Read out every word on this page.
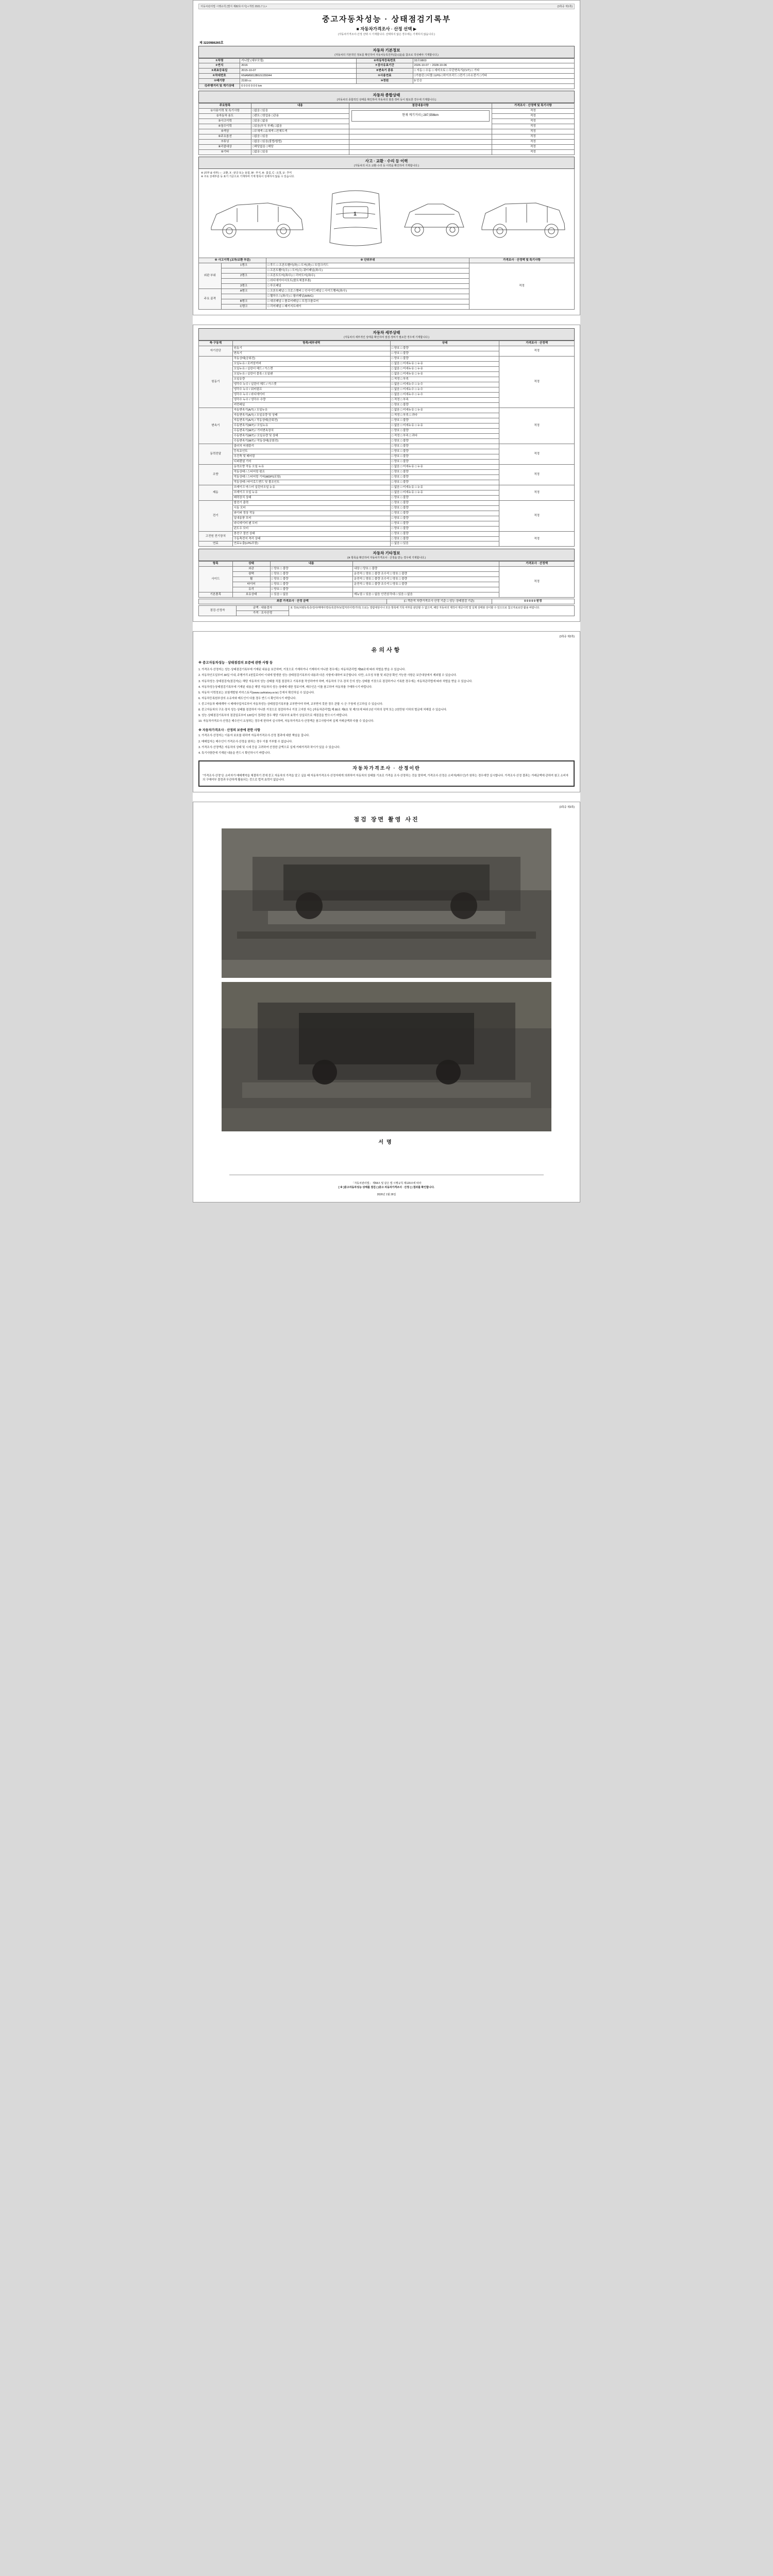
자동차관리법 시행규칙 [별지 제82호서식] <개정 2021.7.1.>	(3쪽중 제1쪽)
중고자동차성능 · 상태점검기록부
■ 자동차가격조사 · 산정 선택 ▶
(자동차가격조사·산정 선택 시 기재합니다. 선택하지 않은 경우에는 기재하지 않습니다.)
제 3220986265호
자동차 기본정보
(자동차의 기본적인 정보를 확인하여 자동차등록원부(갑)·(을)을 참조로 작성해야 기재합니다.)
①차명	카니발 (세부모델)	⑥자동차등록번호	33오0803
②연식	2016	⑦검사유효기간	2026-10-07 ~ 2028-10-06
③최초등록일	2015-10-07	⑧변속기 종류	□ 자동 □ 수동 □ 세미오토 □ 무단변속기(CVT) □ 기타
④차대번호	KNAM6813BGS155044	⑨사용연료	□가솔린 □디젤 □LPG □하이브리드 □전기 □수소전기 □기타
⑤배기량	2199 cc	⑩정원	9 인승
⑪주행거리 및 계기상태	0 0 0 0 0 0 0 km		
자동차 종합상태
(자동차의 종합적인 상태를 확인하여 자동차의 점검·정비 등이 필요한 경우에 기재합니다.)
주요항목	내용	점검내용사항	가격조사 · 산정액 및 특기사항
①사용이력 및 특기사항	□없음 □있음	현재 계기거리 | 287,556km	적정
②자동차 용도	□렌트 □영업용 □관용		적정
③사고이력	□있음 □없음		적정
④침수이력	□있음(부식·부패) □없음		적정
⑤색상	□무채색 □유채색 □전체도색		적정
⑥주요옵션	□없음 □있음		적정
⑦튜닝	□없음 □있음(불법/합법)		적정
⑧리콜대상	□해당없음 □해당		적정
⑨기타	□없음 □있음		적정
사고 · 교환 · 수리 등 이력
(자동차의 사고·교환·수리 등 이력을 확인하여 기재합니다.)
※ (외부 & 내부) ○ : 교환, X : 판금 또는 용접, W : 부식, A : 흠집, C : 요철, U : 후미
※ 주요 상세부분 등 표기 기준으로 기재하며 기재 항목이 상세하지 않을 수 있습니다.
1
※ 사고이력 (교차/교환 부분)		※ 단위부위	가격조사 · 산정액 및 특기사항
외판 부위	1랭크	□ 후드 □ 프론트휀더(좌) □ 도어(좌) □ 트렁크리드	적정
		□ 프론트휀더(우) □ 도어(우) 쿼터패널(좌/우)	
	2랭크	□ 프론트도어(좌/우) □ 리어도어(좌/우)	
		□ 라디에이터서포트(볼트체결부품)	
	3랭크	□ 루프패널	
주요 골격	A랭크	□ 프론트패널 □ 크로스멤버 □ 인사이드패널 □ 사이드멤버(좌/우)	
		□ 휠하우스(좌/우) □ 필러패널(A/B/C)	
	B랭크	□ 대쉬패널 □ 플로어패널 □ 트렁크플로어	
	C랭크	□ 리어패널 □ 패키지트레이	
자동차 세부상태
(자동차의 세부적인 상태를 확인하여 점검·정비가 필요한 경우에 기재합니다.)
축·구동계	항목/세부내역	상태	가격조사 · 산정액
자기진단	원동기	□ 양호 □ 불량	적정
	변속기	□ 양호 □ 불량	
원동기	작동상태(공회전)	□ 양호 □ 불량	적정
	오일누유 / 로커암커버	□ 없음 □ 미세누유 □ 누유	
	오일누유 / 실린더 헤드 / 가스켓	□ 없음 □ 미세누유 □ 누유	
	오일누유 / 실린더 블록 / 오일팬	□ 없음 □ 미세누유 □ 누유	
	오일유량	□ 적정 □ 부족	
	냉각수 누수 / 실린더 헤드 / 가스켓	□ 없음 □ 미세누수 □ 누수	
	냉각수 누수 / 워터펌프	□ 없음 □ 미세누수 □ 누수	
	냉각수 누수 / 라디에이터	□ 없음 □ 미세누수 □ 누수	
	냉각수 누수 / 냉각수 수량	□ 적정 □ 부족	
	커먼레일	□ 양호 □ 불량	
변속기	자동변속기(A/T) / 오일누유	□ 없음 □ 미세누유 □ 누유	적정
	자동변속기(A/T) / 오일유량 및 상태	□ 적정 □ 부족 □ 과다	
	자동변속기(A/T) / 작동상태(공회전)	□ 양호 □ 불량	
	수동변속기(M/T) / 오일누유	□ 없음 □ 미세누유 □ 누유	
	수동변속기(M/T) / 기어변속장치	□ 양호 □ 불량	
	수동변속기(M/T) / 오일유량 및 상태	□ 적정 □ 부족 □ 과다	
	수동변속기(M/T) / 작동상태(공회전)	□ 양호 □ 불량	
동력전달	클러치 어셈블리	□ 양호 □ 불량	적정
	등속죠인트	□ 양호 □ 불량	
	추진축 및 베어링	□ 양호 □ 불량	
	디퍼렌셜 기어	□ 양호 □ 불량	
조향	동력조향 작동 오일 누유	□ 없음 □ 미세누유 □ 누유	적정
	작동상태 / 스티어링 펌프	□ 양호 □ 불량	
	작동상태 / 스티어링 기어(MDPS포함)	□ 양호 □ 불량	
	작동상태 / 타이로드엔드 및 볼조인트	□ 양호 □ 불량	
제동	브레이크 마스터 실린더오일 누유	□ 없음 □ 미세누유 □ 누유	적정
	브레이크 오일 누유	□ 없음 □ 미세누유 □ 누유	
	배력장치 상태	□ 양호 □ 불량	
전기	발전기 출력	□ 양호 □ 불량	적정
	시동 모터	□ 양호 □ 불량	
	와이퍼 정상 작동	□ 양호 □ 불량	
	실내송풍 모터	□ 양호 □ 불량	
	라디에이터 팬 모터	□ 양호 □ 불량	
	윈도우 모터	□ 양호 □ 불량	
고전원 전기장치	충전구 절연 상태	□ 양호 □ 불량	적정
	구동축전지 격리 상태	□ 양호 □ 불량	
연료	연료누출(LPG포함)	□ 없음 □ 있음	
자동차 기타정보
(※ 항목을 확인하여 자동차가격조사 · 산정을 받는 경우에 기재합니다.)
항목	상태	내용		가격조사 · 산정액
사이드	외관	□ 양호 □ 불량	내장 □ 양호 □ 불량	적정
	광택	□ 양호 □ 불량	운전석 □ 양호 □ 불량 조수석 □ 양호 □ 불량	
	휠	□ 양호 □ 불량	운전석 □ 양호 □ 불량 조수석 □ 양호 □ 불량	
	타이어	□ 양호 □ 불량	운전석 □ 양호 □ 불량 조수석 □ 양호 □ 불량	
	유리	□ 양호 □ 불량		
기본품목	보유상태	□ 있음 □ 없음	매뉴얼 □ 있음 □ 없음 안전삼각대 □ 있음 □ 없음	
최종 가격조사 · 산정 금액	(□ 객관적 차량가격조사 산정 기준 □ 성능·상태점검 기준)	0 0 0 0 0 원정
점검·산정자	금액 · 내용검사	本 정보(차량등록증/검사/매매이력/등록원부/보험처리이력/기타) 으로는 열람대상이나 모든 항목에 기록 여부를 판단할 수 없으며, 해당 자동차의 제작사 제공이력 및 실제 상태와 상이할 수 있으므로 참고자료로만 활용 바랍니다.
가격 · 조사산정
(3쪽중 제2쪽)
유의사항
※ 중고자동차성능 · 상태점검의 보증에 관한 사항 등

1. 가격조사·산정자는 성능·상태점검기록부에 기재된 내용을 보증하며, 거짓으로 기재하거나 기재하지 아니한 경우에는 자동차관리법 제58조에 따라 처벌을 받을 수 있습니다.

2. 자동차인도일부터 30일 이내, 주행거리 2천킬로미터 이내에 발생한 성능·상태점검기록부의 내용과 다른 사항에 대하여 보증합니다. 다만, 소모성 부품 및 외관상 확인 가능한 사항은 보증대상에서 제외될 수 있습니다.

3. 자동차성능·상태점검자(점검자)는 해당 자동차의 성능·상태를 직접 점검하고 기록부를 작성하여야 하며, 자동차의 구조·장치 등의 성능·상태를 거짓으로 점검하거나 기록한 경우에는 자동차관리법에 따라 처벌을 받을 수 있습니다.

4. 자동차성능상태점검기록부에 기재된 내용은 해당 자동차의 성능·상태에 대한 정보이며, 매수인은 이를 참고하여 자동차를 구매하시기 바랍니다.

5. 자동차 이력정보는 보험개발원 카히스토리(www.carhistory.or.kr) 등에서 확인하실 수 있습니다.

6. 자동차등록원부상의 소유자와 매도인이 다를 경우 반드시 확인하시기 바랍니다.

7. 중고자동차 매매계약 시 매매사업자로부터 자동차성능·상태점검기록부를 교부받아야 하며, 교부받지 못한 경우 관할 시·군·구청에 신고하실 수 있습니다.

8. 중고자동차의 구조·장치 성능·상태를 점검하지 아니한 거짓으로 점검하거나 거짓 고지한 자는 [자동차관리법] 제 80조 제6호 및 제7호에 따라 2년 이하의 징역 또는 2천만원 이하의 벌금에 처해질 수 있습니다.

9. 성능·상태점검기록부의 점검일로부터 120일이 경과한 경우 해당 기록부의 효력이 상실되므로 재점검을 받으시기 바랍니다.

10. 자동차가격조사·산정은 매수인이 요청하는 경우에 한하여 실시하며, 자동차가격조사·산정액은 참고사항이며 실제 거래금액과 다를 수 있습니다.

※ 자동차가격조사 · 산정의 보증에 관한 사항

1. 가격조사·산정자는 이용자 보호를 위하여 자동차가격조사·산정 결과에 대한 책임을 집니다.

2. 매매업자는 매수인이 가격조사·산정을 원하는 경우 이를 거부할 수 없습니다.

3. 가격조사·산정액은 자동차의 상태 및 시세 등을 고려하여 산정한 금액으로 실제 거래가격과 차이가 있을 수 있습니다.

4. 특기사항란에 기재된 내용을 반드시 확인하시기 바랍니다.

자동차가격조사 · 산정이란
"가격조사·산정"은 소비자가 매매계약을 체결하기 전에 중고 자동차의 가격을 알고 싶을 때 자동차가격조사·산정자에게 의뢰하여 자동차의 상태를 기초로 가격을 조사·산정하는 것을 말하며, 가격조사·산정은 소비자(매수인)가 원하는 경우에만 실시합니다. 가격조사·산정 결과는 거래금액에 관하여 참고 소비자의 구매여부 결정과 무관하게 활용되는 것으로 법적 효력이 없습니다.
(3쪽중 제3쪽)
점검 장면 촬영 사진
서명
「자동차관리법」 제58조 및 같은 법 시행규칙 제120조에 따라
[ ※ ]중고자동차성능·상태를 점검 ( )중고 자동차가격조사 · 산정 ( ) 결과를 확인합니다.
2026년 1월 26일
